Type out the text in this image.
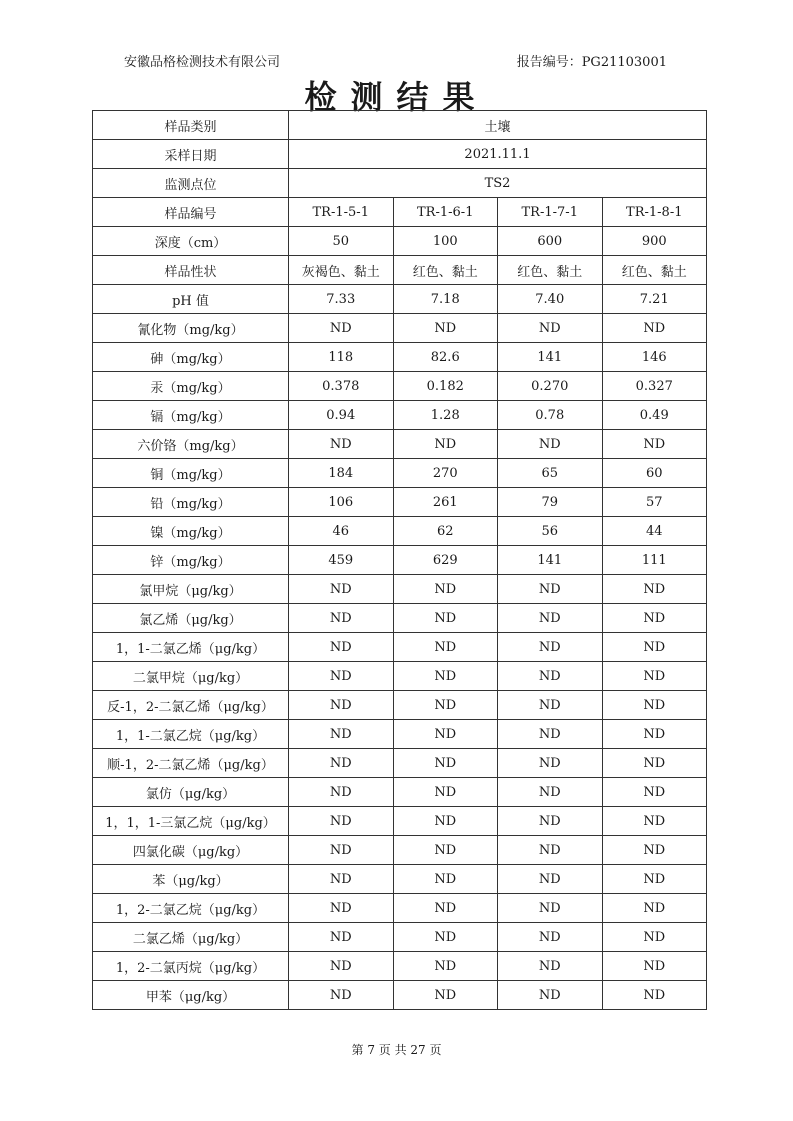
安徽品格检测技术有限公司	报告编号：PG21103001
检测结果
样品类别	土壤			
采样日期	2021.11.1			
监测点位	TS2			
样品编号	TR-1-5-1	TR-1-6-1	TR-1-7-1	TR-1-8-1
深度（cm）	50	100	600	900
样品性状	灰褐色、黏土	红色、黏土	红色、黏土	红色、黏土
pH 值	7.33	7.18	7.40	7.21
氰化物（mg/kg）	ND	ND	ND	ND
砷（mg/kg）	118	82.6	141	146
汞（mg/kg）	0.378	0.182	0.270	0.327
镉（mg/kg）	0.94	1.28	0.78	0.49
六价铬（mg/kg）	ND	ND	ND	ND
铜（mg/kg）	184	270	65	60
铅（mg/kg）	106	261	79	57
镍（mg/kg）	46	62	56	44
锌（mg/kg）	459	629	141	111
氯甲烷（μg/kg）	ND	ND	ND	ND
氯乙烯（μg/kg）	ND	ND	ND	ND
1，1-二氯乙烯（μg/kg）	ND	ND	ND	ND
二氯甲烷（μg/kg）	ND	ND	ND	ND
反-1，2-二氯乙烯（μg/kg）	ND	ND	ND	ND
1，1-二氯乙烷（μg/kg）	ND	ND	ND	ND
顺-1，2-二氯乙烯（μg/kg）	ND	ND	ND	ND
氯仿（μg/kg）	ND	ND	ND	ND
1，1，1-三氯乙烷（μg/kg）	ND	ND	ND	ND
四氯化碳（μg/kg）	ND	ND	ND	ND
苯（μg/kg）	ND	ND	ND	ND
1，2-二氯乙烷（μg/kg）	ND	ND	ND	ND
二氯乙烯（μg/kg）	ND	ND	ND	ND
1，2-二氯丙烷（μg/kg）	ND	ND	ND	ND
甲苯（μg/kg）	ND	ND	ND	ND
第 7 页 共 27 页
